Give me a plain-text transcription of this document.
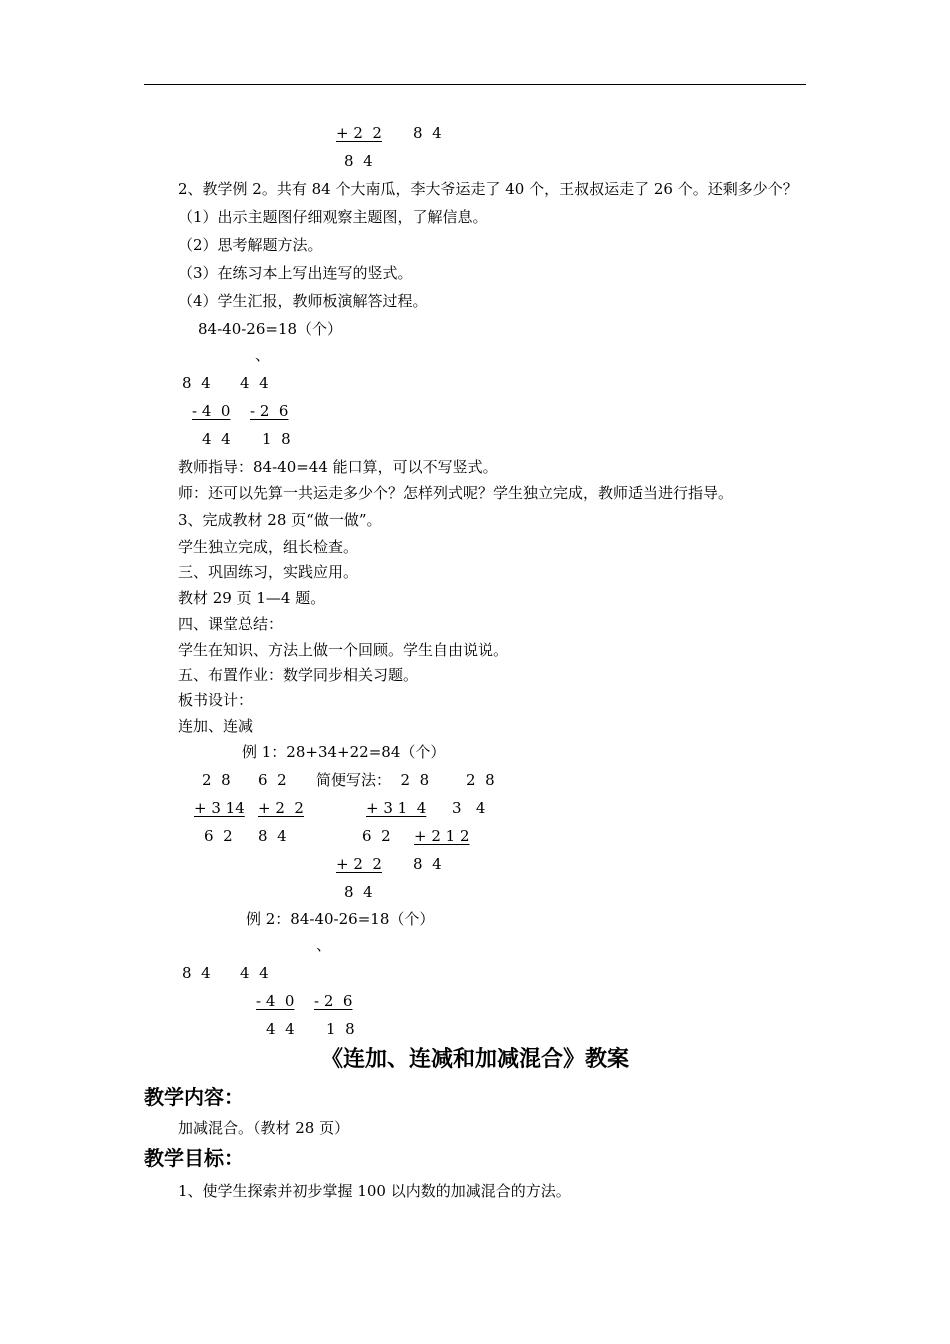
+ 2  2 8  4
8  4
2、教学例 2。共有 84 个大南瓜，李大爷运走了 40 个，王叔叔运走了 26 个。还剩多少个？
（1）出示主题图仔细观察主题图，了解信息。
（2）思考解题方法。
（3）在练习本上写出连写的竖式。
（4）学生汇报，教师板演解答过程。
84-40-26=18（个）
、
8  4 4  4
- 4  0 - 2  6
4  4 1  8
教师指导：84-40=44 能口算，可以不写竖式。
师：还可以先算一共运走多少个？怎样列式呢？学生独立完成，教师适当进行指导。
3、完成教材 28 页“做一做”。
学生独立完成，组长检查。
三、巩固练习，实践应用。
教材 29 页 1—4 题。
四、课堂总结：
学生在知识、方法上做一个回顾。学生自由说说。
五、布置作业：数学同步相关习题。
板书设计：
连加、连减
例 1：28+34+22=84（个）
2  8 6  2 简便写法：  2  8 2  8
+ 3 14 + 2  2	+ 3 1  4 3   4
6  2 8  4	6  2 + 2 1 2
+ 2  2 8  4
8  4
例 2：84-40-26=18（个）
、
8  4 4  4
- 4  0 - 2  6
4  4 1  8
《连加、连减和加减混合》教案
教学内容：
加减混合。（教材 28 页）
教学目标：
1、使学生探索并初步掌握 100 以内数的加减混合的方法。
